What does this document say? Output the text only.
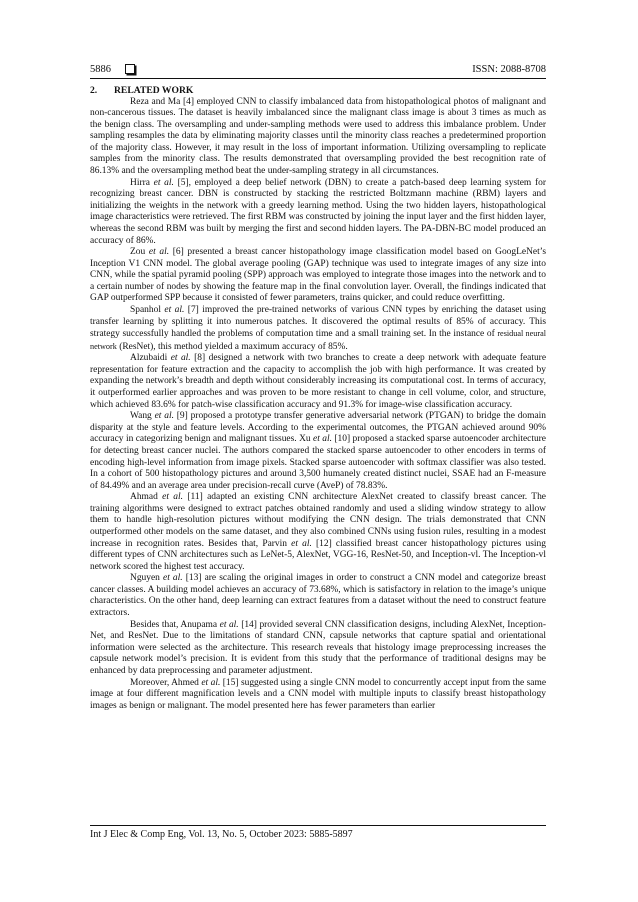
5886	ISSN: 2088-8708
2. RELATED WORK

Reza and Ma [4] employed CNN to classify imbalanced data from histopathological photos of malignant and non-cancerous tissues. The dataset is heavily imbalanced since the malignant class image is about 3 times as much as the benign class. The oversampling and under-sampling methods were used to address this imbalance problem. Under sampling resamples the data by eliminating majority classes until the minority class reaches a predetermined proportion of the majority class. However, it may result in the loss of important information. Utilizing oversampling to replicate samples from the minority class. The results demonstrated that oversampling provided the best recognition rate of 86.13% and the oversampling method beat the under-sampling strategy in all circumstances.

Hirra et al. [5], employed a deep belief network (DBN) to create a patch-based deep learning system for recognizing breast cancer. DBN is constructed by stacking the restricted Boltzmann machine (RBM) layers and initializing the weights in the network with a greedy learning method. Using the two hidden layers, histopathological image characteristics were retrieved. The first RBM was constructed by joining the input layer and the first hidden layer, whereas the second RBM was built by merging the first and second hidden layers. The PA-DBN-BC model produced an accuracy of 86%.

Zou et al. [6] presented a breast cancer histopathology image classification model based on GoogLeNet’s Inception V1 CNN model. The global average pooling (GAP) technique was used to integrate images of any size into CNN, while the spatial pyramid pooling (SPP) approach was employed to integrate those images into the network and to a certain number of nodes by showing the feature map in the final convolution layer. Overall, the findings indicated that GAP outperformed SPP because it consisted of fewer parameters, trains quicker, and could reduce overfitting.

Spanhol et al. [7] improved the pre-trained networks of various CNN types by enriching the dataset using transfer learning by splitting it into numerous patches. It discovered the optimal results of 85% of accuracy. This strategy successfully handled the problems of computation time and a small training set. In the instance of residual neural network (ResNet), this method yielded a maximum accuracy of 85%.

Alzubaidi et al. [8] designed a network with two branches to create a deep network with adequate feature representation for feature extraction and the capacity to accomplish the job with high performance. It was created by expanding the network’s breadth and depth without considerably increasing its computational cost. In terms of accuracy, it outperformed earlier approaches and was proven to be more resistant to change in cell volume, color, and structure, which achieved 83.6% for patch-wise classification accuracy and 91.3% for image-wise classification accuracy.

Wang et al. [9] proposed a prototype transfer generative adversarial network (PTGAN) to bridge the domain disparity at the style and feature levels. According to the experimental outcomes, the PTGAN achieved around 90% accuracy in categorizing benign and malignant tissues. Xu et al. [10] proposed a stacked sparse autoencoder architecture for detecting breast cancer nuclei. The authors compared the stacked sparse autoencoder to other encoders in terms of encoding high-level information from image pixels. Stacked sparse autoencoder with softmax classifier was also tested. In a cohort of 500 histopathology pictures and around 3,500 humanely created distinct nuclei, SSAE had an F-measure of 84.49% and an average area under precision-recall curve (AveP) of 78.83%.

Ahmad et al. [11] adapted an existing CNN architecture AlexNet created to classify breast cancer. The training algorithms were designed to extract patches obtained randomly and used a sliding window strategy to allow them to handle high-resolution pictures without modifying the CNN design. The trials demonstrated that CNN outperformed other models on the same dataset, and they also combined CNNs using fusion rules, resulting in a modest increase in recognition rates. Besides that, Parvin et al. [12] classified breast cancer histopathology pictures using different types of CNN architectures such as LeNet-5, AlexNet, VGG-16, ResNet-50, and Inception-vl. The Inception-vl network scored the highest test accuracy.

Nguyen et al. [13] are scaling the original images in order to construct a CNN model and categorize breast cancer classes. A building model achieves an accuracy of 73.68%, which is satisfactory in relation to the image’s unique characteristics. On the other hand, deep learning can extract features from a dataset without the need to construct feature extractors.

Besides that, Anupama et al. [14] provided several CNN classification designs, including AlexNet, Inception-Net, and ResNet. Due to the limitations of standard CNN, capsule networks that capture spatial and orientational information were selected as the architecture. This research reveals that histology image preprocessing increases the capsule network model’s precision. It is evident from this study that the performance of traditional designs may be enhanced by data preprocessing and parameter adjustment.

Moreover, Ahmed et al. [15] suggested using a single CNN model to concurrently accept input from the same image at four different magnification levels and a CNN model with multiple inputs to classify breast histopathology images as benign or malignant. The model presented here has fewer parameters than earlier

Int J Elec & Comp Eng, Vol. 13, No. 5, October 2023: 5885-5897
